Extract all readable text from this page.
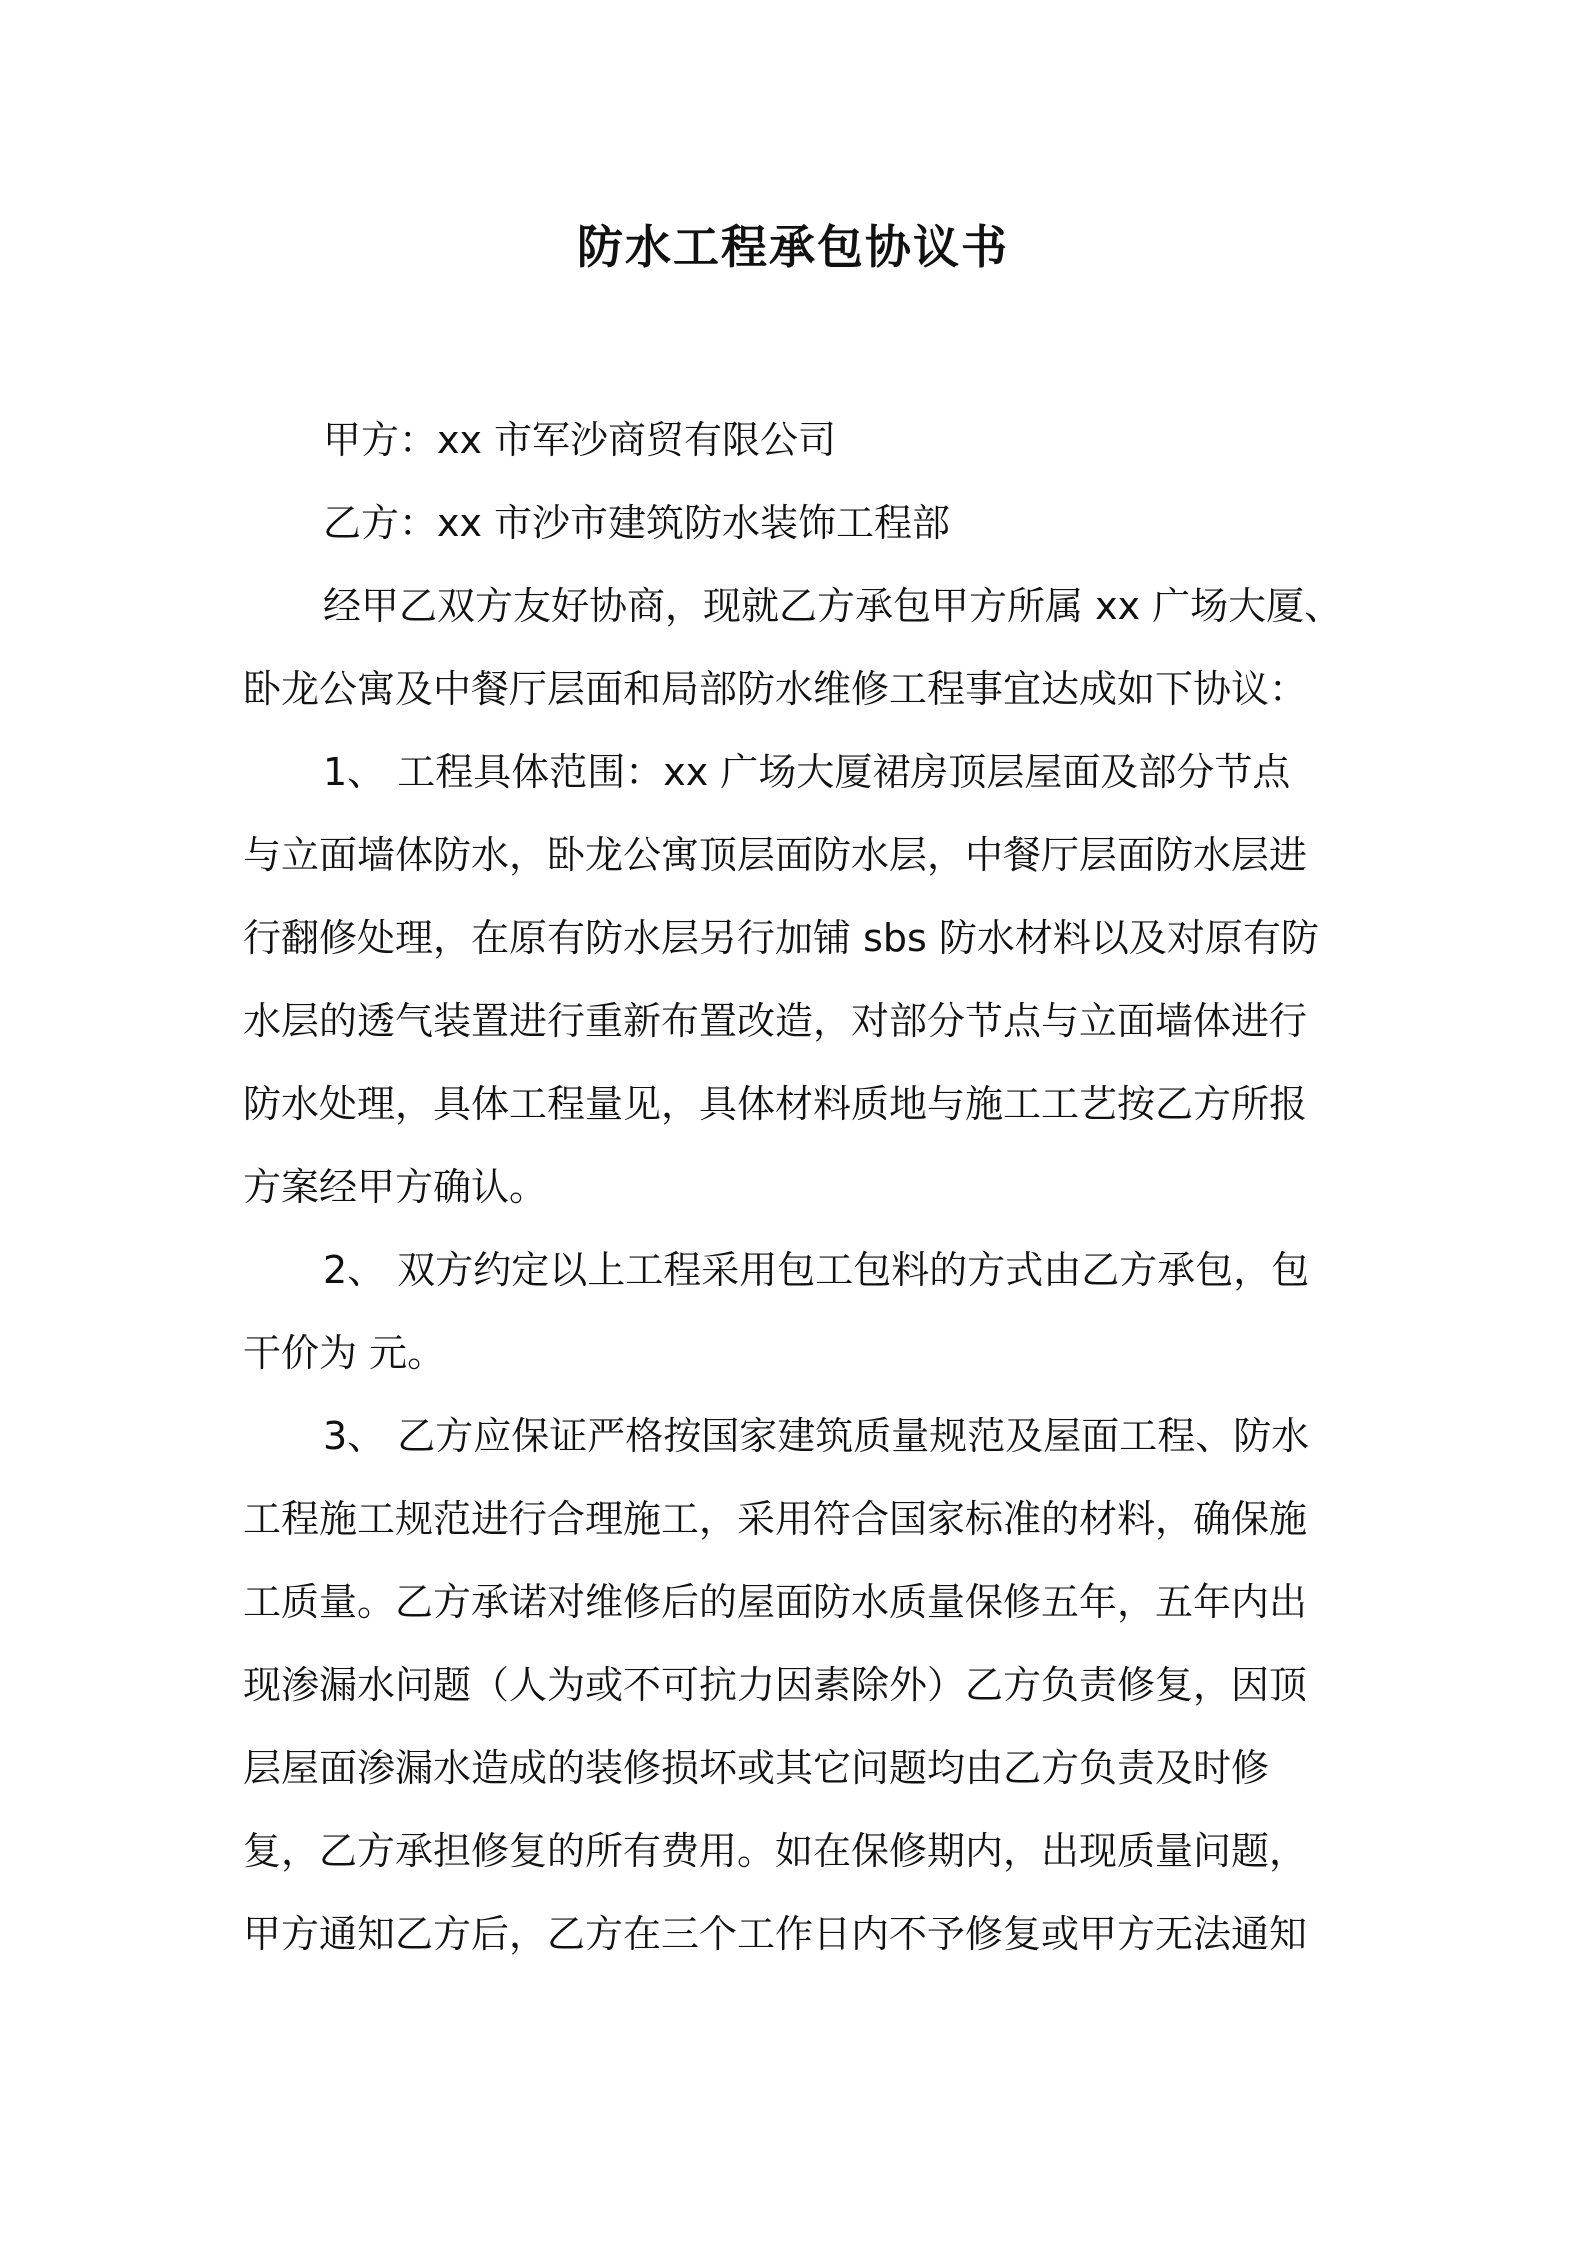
防水工程承包协议书
甲方：xx 市军沙商贸有限公司
乙方：xx 市沙市建筑防水装饰工程部
经甲乙双方友好协商，现就乙方承包甲方所属 xx 广场大厦、
卧龙公寓及中餐厅层面和局部防水维修工程事宜达成如下协议：
1、 工程具体范围：xx 广场大厦裙房顶层屋面及部分节点
与立面墙体防水，卧龙公寓顶层面防水层，中餐厅层面防水层进
行翻修处理，在原有防水层另行加铺 sbs 防水材料以及对原有防
水层的透气装置进行重新布置改造，对部分节点与立面墙体进行
防水处理，具体工程量见，具体材料质地与施工工艺按乙方所报
方案经甲方确认。
2、 双方约定以上工程采用包工包料的方式由乙方承包，包
干价为 元。
3、 乙方应保证严格按国家建筑质量规范及屋面工程、防水
工程施工规范进行合理施工，采用符合国家标准的材料，确保施
工质量。乙方承诺对维修后的屋面防水质量保修五年，五年内出
现渗漏水问题（人为或不可抗力因素除外）乙方负责修复，因顶
层屋面渗漏水造成的装修损坏或其它问题均由乙方负责及时修
复，乙方承担修复的所有费用。如在保修期内，出现质量问题，
甲方通知乙方后，乙方在三个工作日内不予修复或甲方无法通知
